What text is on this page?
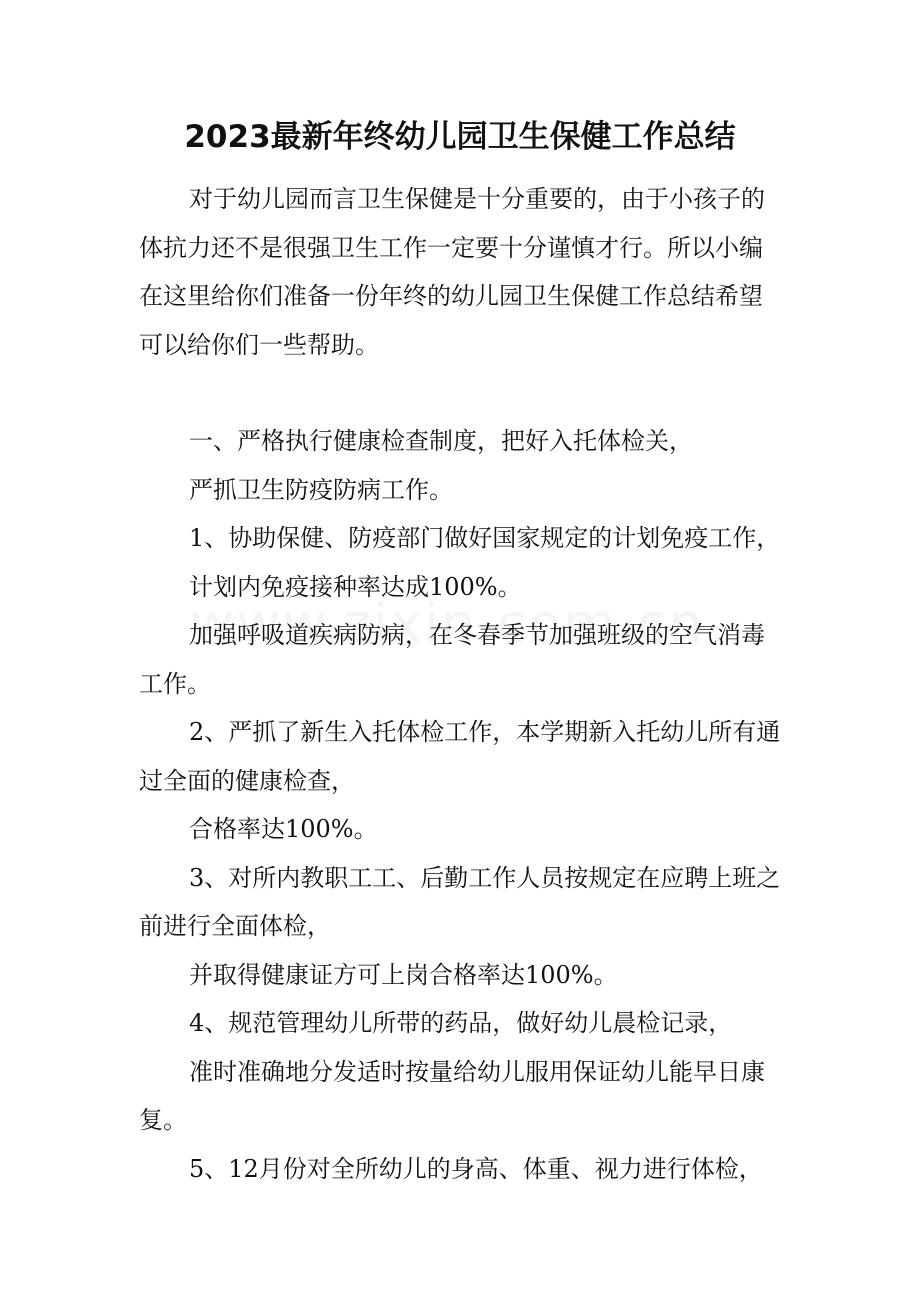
2023最新年终幼儿园卫生保健工作总结

对于幼儿园而言卫生保健是十分重要的，由于小孩子的体抗力还不是很强卫生工作一定要十分谨慎才行。所以小编在这里给你们准备一份年终的幼儿园卫生保健工作总结希望可以给你们一些帮助。

一、严格执行健康检查制度，把好入托体检关，

严抓卫生防疫防病工作。

1、协助保健、防疫部门做好国家规定的计划免疫工作，

计划内免疫接种率达成100%。

加强呼吸道疾病防病，在冬春季节加强班级的空气消毒工作。

2、严抓了新生入托体检工作，本学期新入托幼儿所有通过全面的健康检查，

合格率达100%。

3、对所内教职工工、后勤工作人员按规定在应聘上班之前进行全面体检，

并取得健康证方可上岗合格率达100%。

4、规范管理幼儿所带的药品，做好幼儿晨检记录，

准时准确地分发适时按量给幼儿服用保证幼儿能早日康复。

5、12月份对全所幼儿的身高、体重、视力进行体检，
